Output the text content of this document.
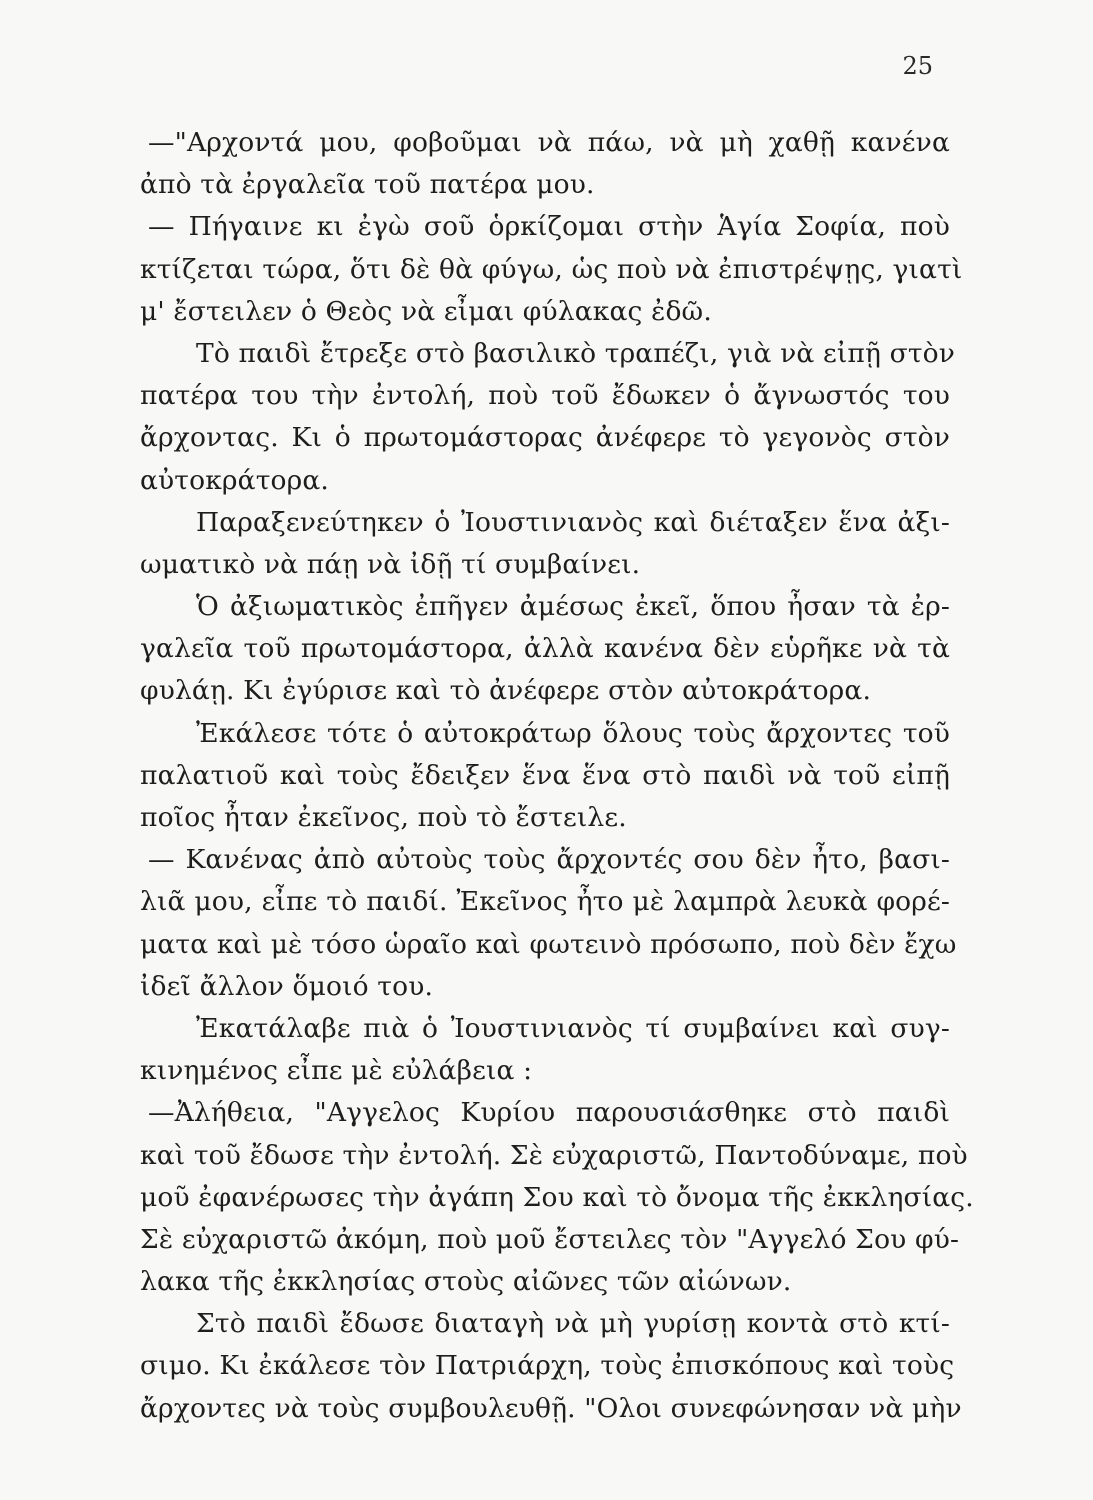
25
—"Αρχοντά μου, φοβοῦμαι νὰ πάω, νὰ μὴ χαθῇ κανένα
ἀπὸ τὰ ἐργαλεῖα τοῦ πατέρα μου.
— Πήγαινε κι ἐγὼ σοῦ ὁρκίζομαι στὴν Ἁγία Σοφία, ποὺ
κτίζεται τώρα, ὅτι δὲ θὰ φύγω, ὡς ποὺ νὰ ἐπιστρέψῃς, γιατὶ
μ' ἔστειλεν ὁ Θεὸς νὰ εἶμαι φύλακας ἐδῶ.
Τὸ παιδὶ ἔτρεξε στὸ βασιλικὸ τραπέζι, γιὰ νὰ εἰπῇ στὸν
πατέρα του τὴν ἐντολή, ποὺ τοῦ ἔδωκεν ὁ ἄγνωστός του
ἄρχοντας. Κι ὁ πρωτομάστορας ἀνέφερε τὸ γεγονὸς στὸν
αὐτοκράτορα.
Παραξενεύτηκεν ὁ Ἰουστινιανὸς καὶ διέταξεν ἕνα ἀξι-
ωματικὸ νὰ πάῃ νὰ ἰδῇ τί συμβαίνει.
Ὁ ἀξιωματικὸς ἐπῆγεν ἀμέσως ἐκεῖ, ὅπου ἦσαν τὰ ἐρ-
γαλεῖα τοῦ πρωτομάστορα, ἀλλὰ κανένα δὲν εὑρῆκε νὰ τὰ
φυλάῃ. Κι ἐγύρισε καὶ τὸ ἀνέφερε στὸν αὐτοκράτορα.
Ἐκάλεσε τότε ὁ αὐτοκράτωρ ὅλους τοὺς ἄρχοντες τοῦ
παλατιοῦ καὶ τοὺς ἔδειξεν ἕνα ἕνα στὸ παιδὶ νὰ τοῦ εἰπῇ
ποῖος ἦταν ἐκεῖνος, ποὺ τὸ ἔστειλε.
— Κανένας ἀπὸ αὐτοὺς τοὺς ἄρχοντές σου δὲν ἦτο, βασι-
λιᾶ μου, εἶπε τὸ παιδί. Ἐκεῖνος ἦτο μὲ λαμπρὰ λευκὰ φορέ-
ματα καὶ μὲ τόσο ὡραῖο καὶ φωτεινὸ πρόσωπο, ποὺ δὲν ἔχω
ἰδεῖ ἄλλον ὅμοιό του.
Ἐκατάλαβε πιὰ ὁ Ἰουστινιανὸς τί συμβαίνει καὶ συγ-
κινημένος εἶπε μὲ εὐλάβεια :
—Ἀλήθεια, "Αγγελος Κυρίου παρουσιάσθηκε στὸ παιδὶ
καὶ τοῦ ἔδωσε τὴν ἐντολή. Σὲ εὐχαριστῶ, Παντοδύναμε, ποὺ
μοῦ ἐφανέρωσες τὴν ἀγάπη Σου καὶ τὸ ὄνομα τῆς ἐκκλησίας.
Σὲ εὐχαριστῶ ἀκόμη, ποὺ μοῦ ἔστειλες τὸν "Αγγελό Σου φύ-
λακα τῆς ἐκκλησίας στοὺς αἰῶνες τῶν αἰώνων.
Στὸ παιδὶ ἔδωσε διαταγὴ νὰ μὴ γυρίσῃ κοντὰ στὸ κτί-
σιμο. Κι ἐκάλεσε τὸν Πατριάρχη, τοὺς ἐπισκόπους καὶ τοὺς
ἄρχοντες νὰ τοὺς συμβουλευθῇ. "Ολοι συνεφώνησαν νὰ μὴν
